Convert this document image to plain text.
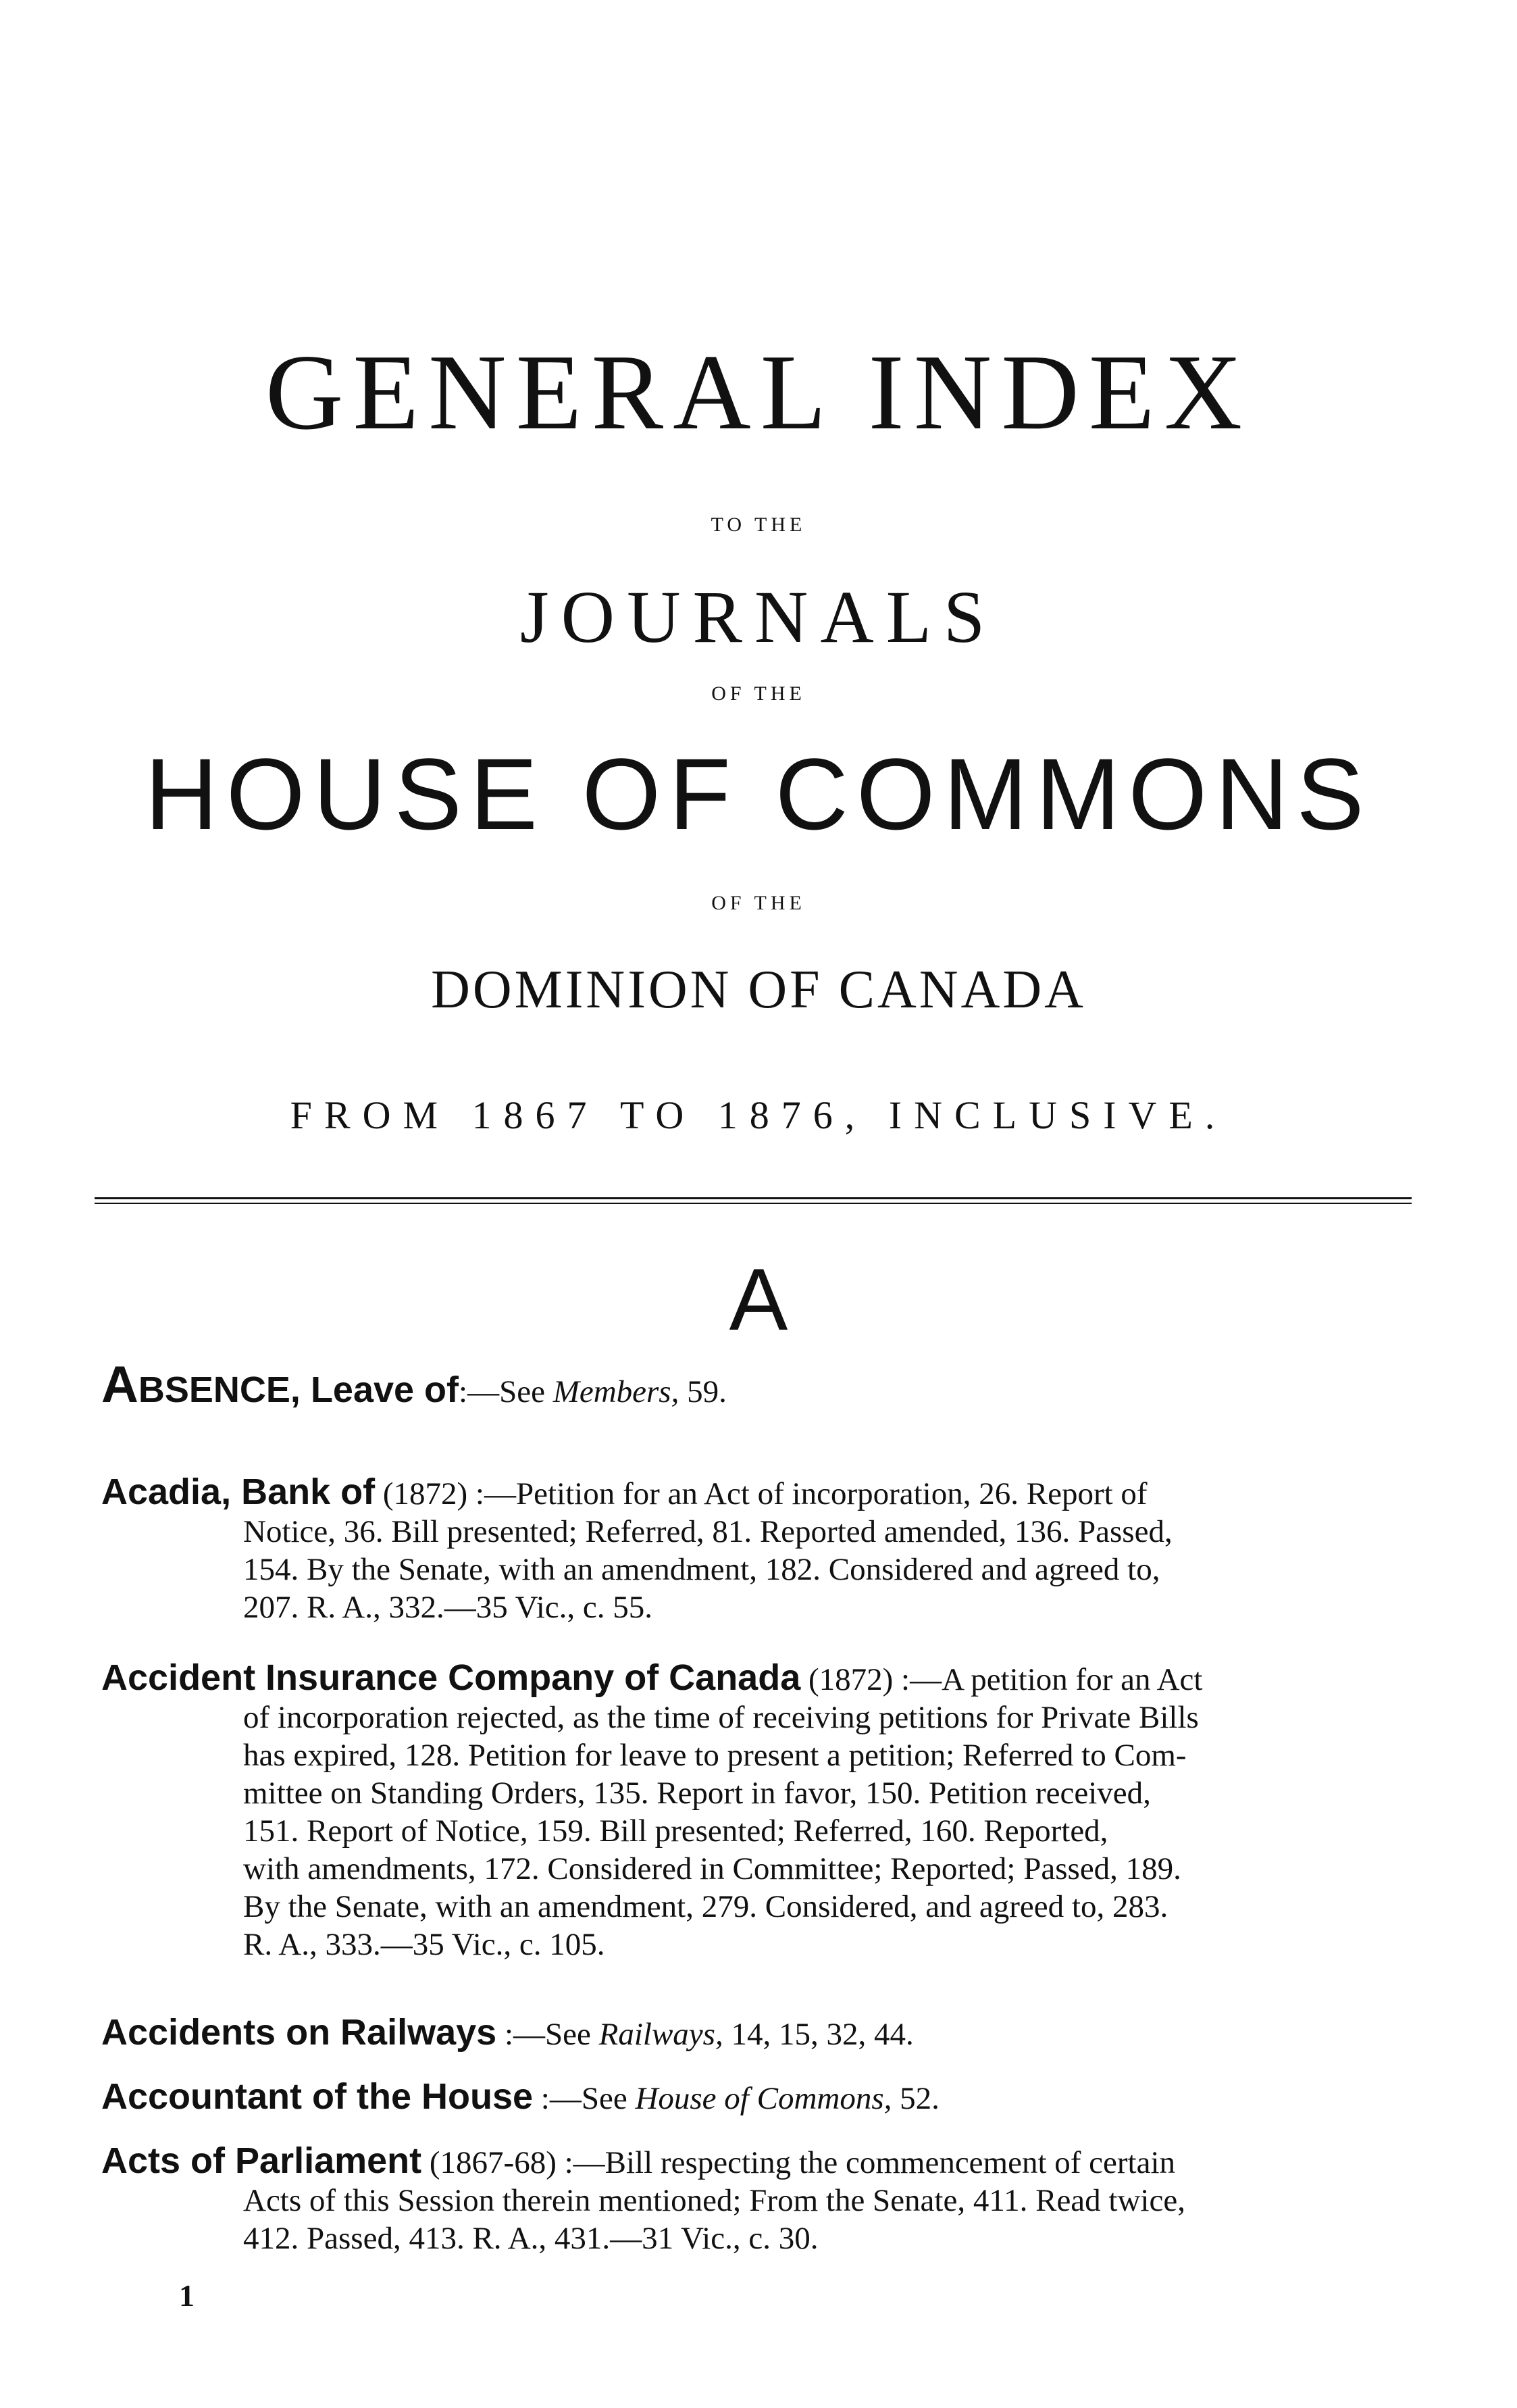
GENERAL INDEX
TO THE
JOURNALS
OF THE
HOUSE OF COMMONS
OF THE
DOMINION OF CANADA
FROM 1867 TO 1876, INCLUSIVE.
A
ABSENCE, Leave of:—See Members, 59.
Acadia, Bank of (1872) :—Petition for an Act of incorporation, 26. Report of
Notice, 36. Bill presented; Referred, 81. Reported amended, 136. Passed,
154. By the Senate, with an amendment, 182. Considered and agreed to,
207. R. A., 332.—35 Vic., c. 55.
Accident Insurance Company of Canada (1872) :—A petition for an Act
of incorporation rejected, as the time of receiving petitions for Private Bills
has expired, 128. Petition for leave to present a petition; Referred to Com-
mittee on Standing Orders, 135. Report in favor, 150. Petition received,
151. Report of Notice, 159. Bill presented; Referred, 160. Reported,
with amendments, 172. Considered in Committee; Reported; Passed, 189.
By the Senate, with an amendment, 279. Considered, and agreed to, 283.
R. A., 333.—35 Vic., c. 105.
Accidents on Railways :—See Railways, 14, 15, 32, 44.
Accountant of the House :—See House of Commons, 52.
Acts of Parliament (1867-68) :—Bill respecting the commencement of certain
Acts of this Session therein mentioned; From the Senate, 411. Read twice,
412. Passed, 413. R. A., 431.—31 Vic., c. 30.
1
